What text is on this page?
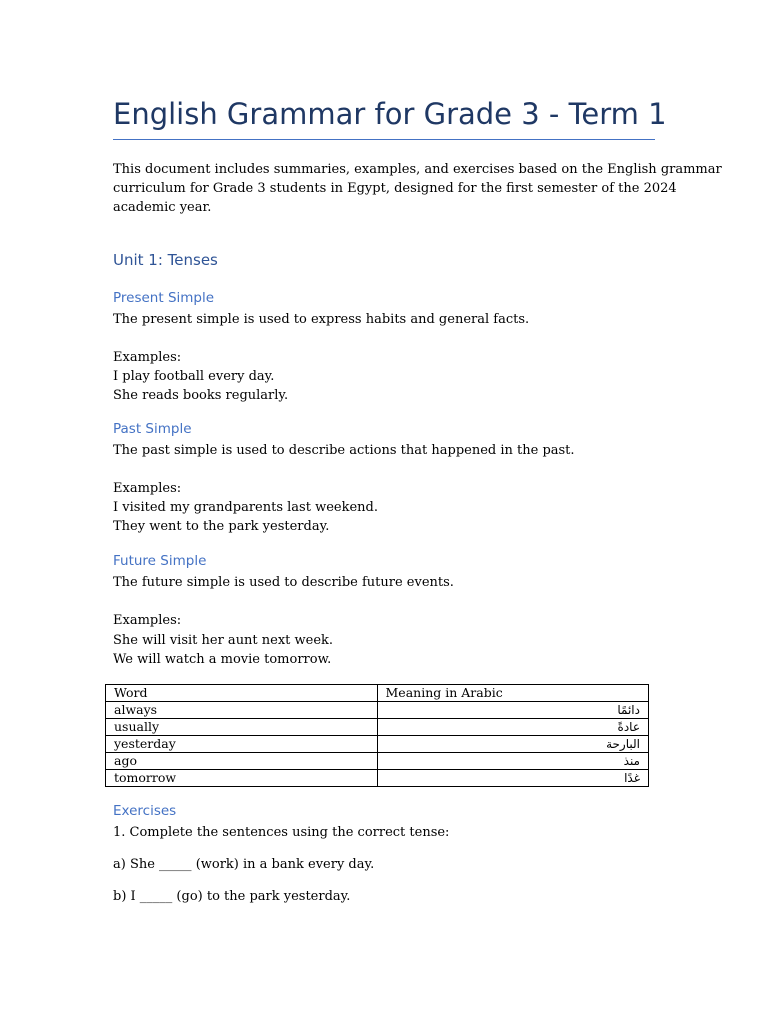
English Grammar for Grade 3 - Term 1
This document includes summaries, examples, and exercises based on the English grammar
curriculum for Grade 3 students in Egypt, designed for the first semester of the 2024
academic year.
Unit 1: Tenses
Present Simple
The present simple is used to express habits and general facts.
Examples:
I play football every day.
She reads books regularly.
Past Simple
The past simple is used to describe actions that happened in the past.
Examples:
I visited my grandparents last weekend.
They went to the park yesterday.
Future Simple
The future simple is used to describe future events.
Examples:
She will visit her aunt next week.
We will watch a movie tomorrow.
Word	Meaning in Arabic
always	دائمًا
usually	عادةً
yesterday	البارحة
ago	منذ
tomorrow	غدًا
Exercises
1. Complete the sentences using the correct tense:
a) She _____ (work) in a bank every day.
b) I _____ (go) to the park yesterday.
